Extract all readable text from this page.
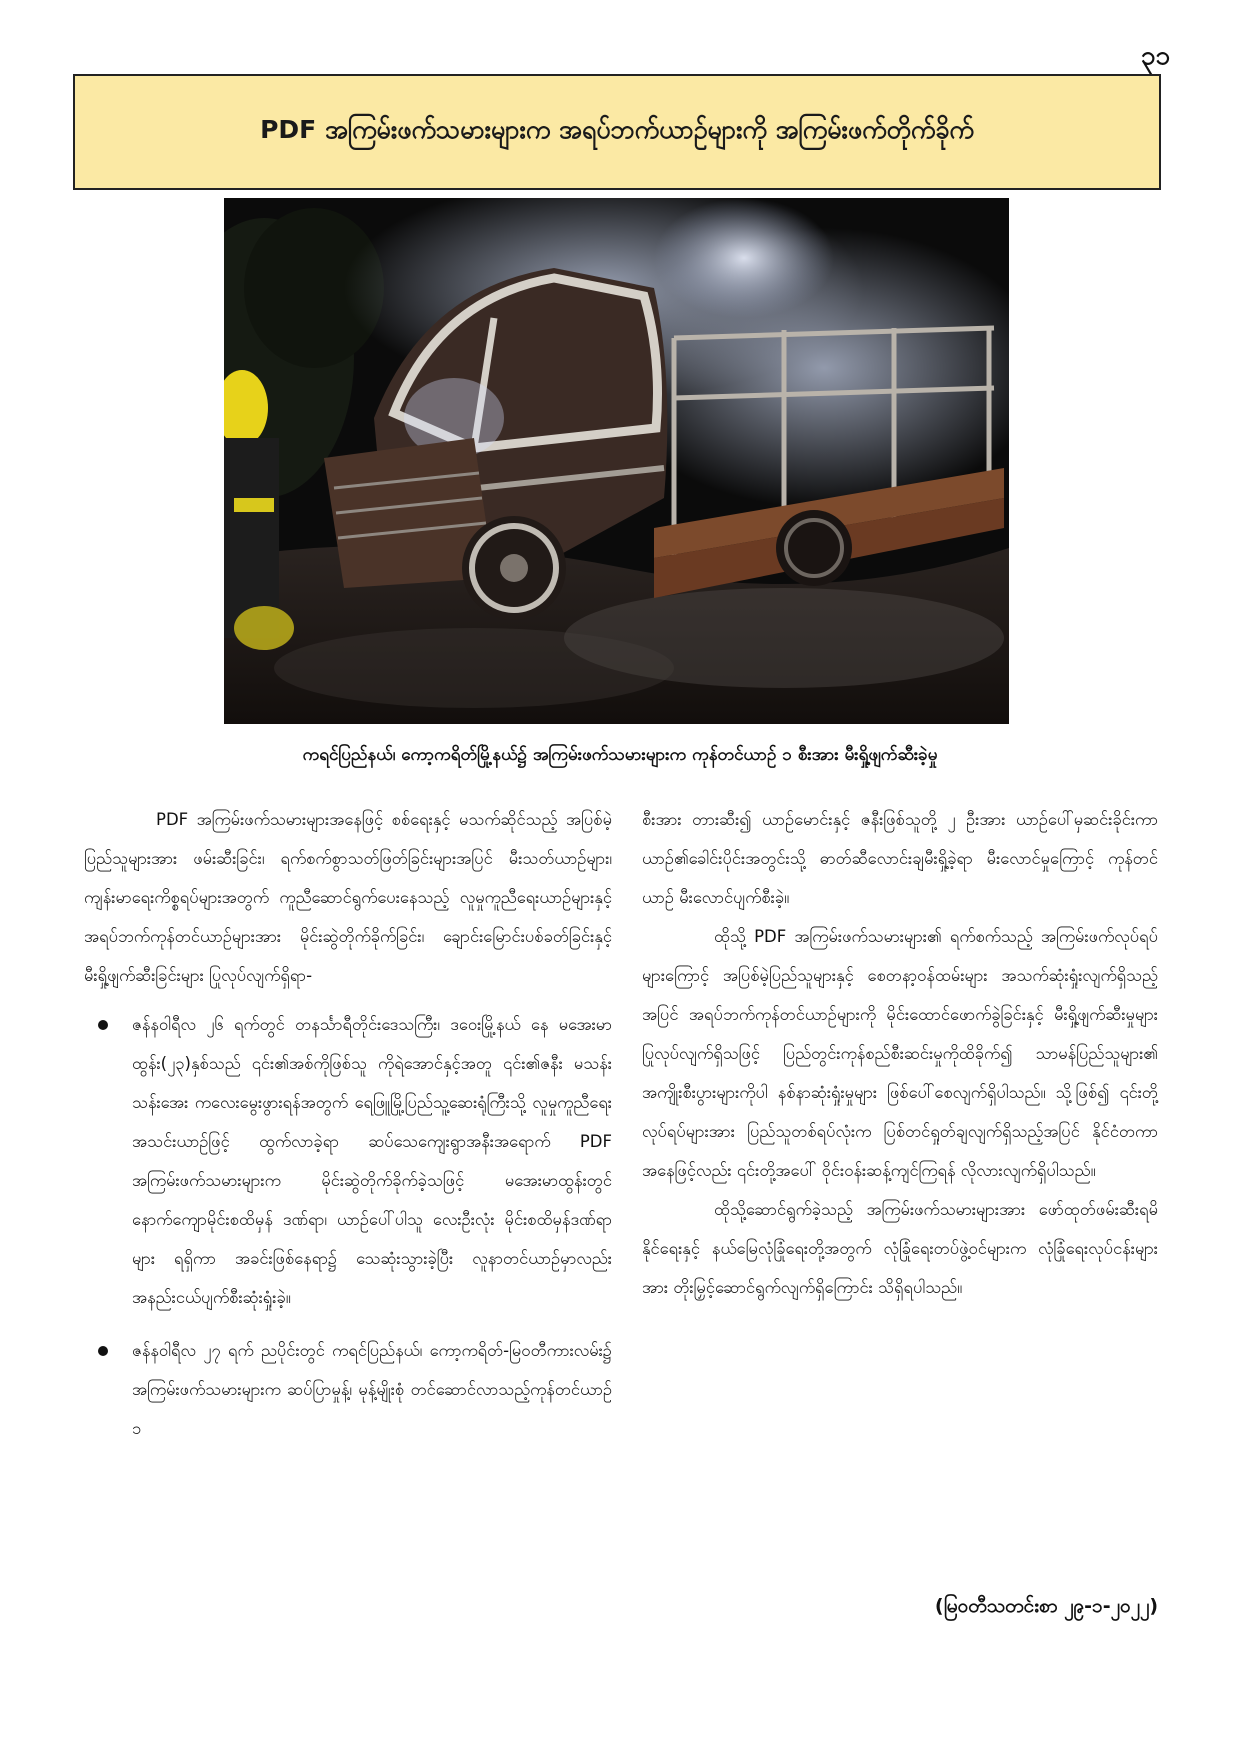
၃၁
PDF အကြမ်းဖက်သမားများက အရပ်ဘက်ယာဉ်များကို အကြမ်းဖက်တိုက်ခိုက်
ကရင်ပြည်နယ်၊ ကော့ကရိတ်မြို့နယ်၌ အကြမ်းဖက်သမားများက ကုန်တင်ယာဉ် ၁ စီးအား မီးရှို့ဖျက်ဆီးခဲ့မှု

PDF အကြမ်းဖက်သမားများအနေဖြင့် စစ်ရေးနှင့် မသက်ဆိုင်သည့် အပြစ်မဲ့ပြည်သူများအား ဖမ်းဆီးခြင်း၊ ရက်စက်စွာသတ်ဖြတ်ခြင်းများအပြင် မီးသတ်ယာဉ်များ၊ ကျန်းမာရေးကိစ္စရပ်များအတွက် ကူညီဆောင်ရွက်ပေးနေသည့် လူမှုကူညီရေးယာဉ်များနှင့် အရပ်ဘက်ကုန်တင်ယာဉ်များအား မိုင်းဆွဲတိုက်ခိုက်ခြင်း၊ ချောင်းမြောင်းပစ်ခတ်ခြင်းနှင့် မီးရှို့ဖျက်ဆီးခြင်းများ ပြုလုပ်လျက်ရှိရာ-

ဇန်နဝါရီလ ၂၆ ရက်တွင် တနင်္သာရီတိုင်းဒေသကြီး၊ ဒဝေးမြို့နယ် နေ မအေးမာထွန်း(၂၃)နှစ်သည် ၎င်း၏အစ်ကိုဖြစ်သူ ကိုရဲအောင်နှင့်အတူ ၎င်း၏ဇနီး မသန်းသန်းအေး ကလေးမွေးဖွားရန်အတွက် ရေဖြူမြို့ပြည်သူ့ဆေးရုံကြီးသို့ လူမှုကူညီရေးအသင်းယာဉ်ဖြင့် ထွက်လာခဲ့ရာ ဆပ်သေကျေးရွာအနီးအရောက် PDF အကြမ်းဖက်သမားများက မိုင်းဆွဲတိုက်ခိုက်ခဲ့သဖြင့် မအေးမာထွန်းတွင် နောက်ကျောမိုင်းစထိမှန် ဒဏ်ရာ၊ ယာဉ်ပေါ်ပါသူ လေးဦးလုံး မိုင်းစထိမှန်ဒဏ်ရာများ ရရှိကာ အခင်းဖြစ်နေရာ၌ သေဆုံးသွားခဲ့ပြီး လူနာတင်ယာဉ်မှာလည်း အနည်းငယ်ပျက်စီးဆုံးရှုံးခဲ့။
ဇန်နဝါရီလ ၂၇ ရက် ညပိုင်းတွင် ကရင်ပြည်နယ်၊ ကော့ကရိတ်-မြဝတီကားလမ်း၌ အကြမ်းဖက်သမားများက ဆပ်ပြာမှုန့်၊ မုန့်မျိုးစုံ တင်ဆောင်လာသည့်ကုန်တင်ယာဉ် ၁

စီးအား တားဆီး၍ ယာဉ်မောင်းနှင့် ဇနီးဖြစ်သူတို့ ၂ ဦးအား ယာဉ်ပေါ်မှဆင်းခိုင်းကာ ယာဉ်၏ခေါင်းပိုင်းအတွင်းသို့ ဓာတ်ဆီလောင်းချမီးရှို့ခဲ့ရာ မီးလောင်မှုကြောင့် ကုန်တင်ယာဉ် မီးလောင်ပျက်စီးခဲ့။

ထိုသို့ PDF အကြမ်းဖက်သမားများ၏ ရက်စက်သည့် အကြမ်းဖက်လုပ်ရပ်များကြောင့် အပြစ်မဲ့ပြည်သူများနှင့် စေတနာ့ဝန်ထမ်းများ အသက်ဆုံးရှုံးလျက်ရှိသည့်အပြင် အရပ်ဘက်ကုန်တင်ယာဉ်များကို မိုင်းထောင်ဖောက်ခွဲခြင်းနှင့် မီးရှို့ဖျက်ဆီးမှုများ ပြုလုပ်လျက်ရှိသဖြင့် ပြည်တွင်းကုန်စည်စီးဆင်းမှုကိုထိခိုက်၍ သာမန်ပြည်သူများ၏ အကျိုးစီးပွားများကိုပါ နစ်နာဆုံးရှုံးမှုများ ဖြစ်ပေါ်စေလျက်ရှိပါသည်။ သို့ဖြစ်၍ ၎င်းတို့လုပ်ရပ်များအား ပြည်သူတစ်ရပ်လုံးက ပြစ်တင်ရှုတ်ချလျက်ရှိသည့်အပြင် နိုင်ငံတကာအနေဖြင့်လည်း ၎င်းတို့အပေါ် ဝိုင်းဝန်းဆန့်ကျင်ကြရန် လိုလားလျက်ရှိပါသည်။

ထိုသို့ဆောင်ရွက်ခဲ့သည့် အကြမ်းဖက်သမားများအား ဖော်ထုတ်ဖမ်းဆီးရမိနိုင်ရေးနှင့် နယ်မြေလုံခြုံရေးတို့အတွက် လုံခြုံရေးတပ်ဖွဲ့ဝင်များက လုံခြုံရေးလုပ်ငန်းများအား တိုးမြှင့်ဆောင်ရွက်လျက်ရှိကြောင်း သိရှိရပါသည်။

(မြဝတီသတင်းစာ ၂၉-၁-၂၀၂၂)
